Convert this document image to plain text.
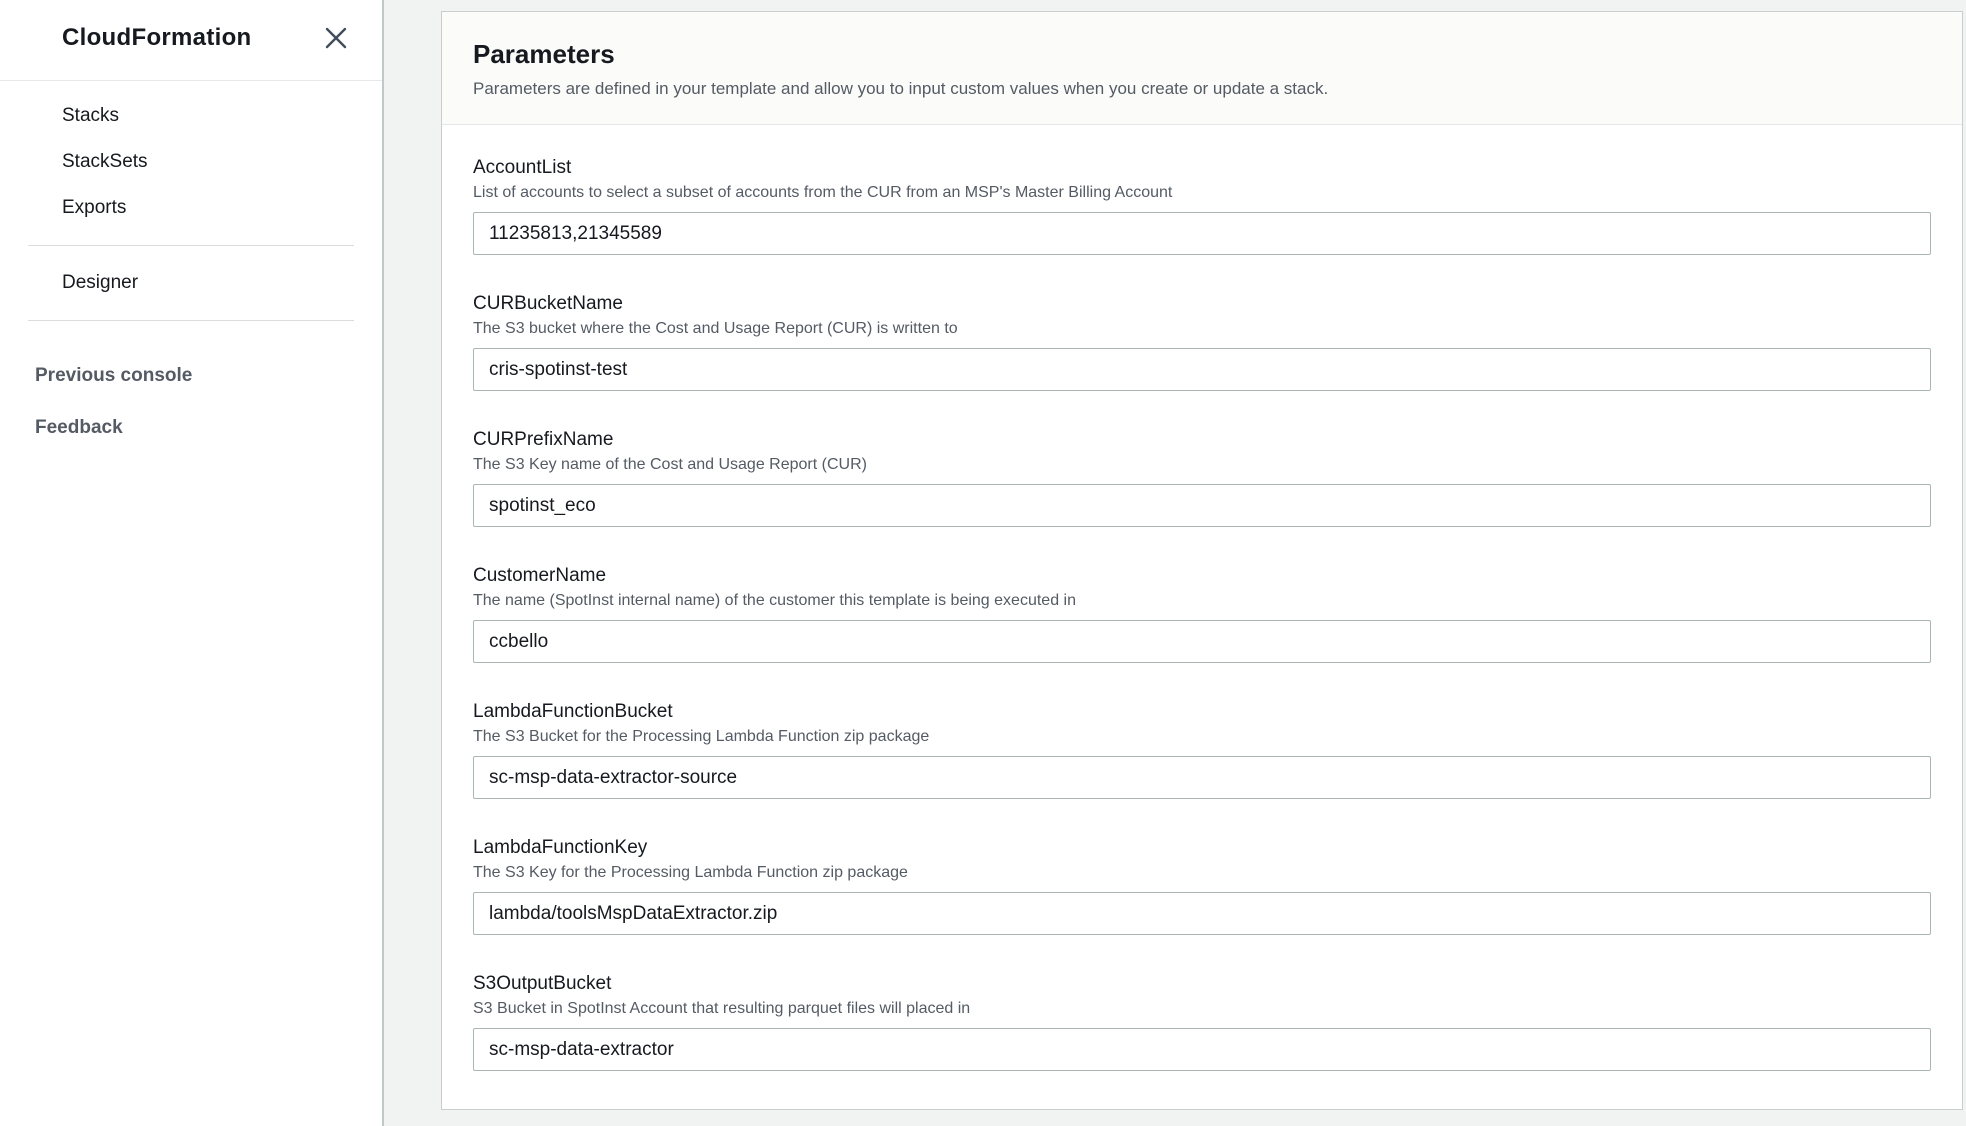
CloudFormation
Stacks
StackSets
Exports
Designer
Previous console
Feedback
Parameters
Parameters are defined in your template and allow you to input custom values when you create or update a stack.
AccountList
List of accounts to select a subset of accounts from the CUR from an MSP's Master Billing Account
11235813,21345589
CURBucketName
The S3 bucket where the Cost and Usage Report (CUR) is written to
cris-spotinst-test
CURPrefixName
The S3 Key name of the Cost and Usage Report (CUR)
spotinst_eco
CustomerName
The name (SpotInst internal name) of the customer this template is being executed in
ccbello
LambdaFunctionBucket
The S3 Bucket for the Processing Lambda Function zip package
sc-msp-data-extractor-source
LambdaFunctionKey
The S3 Key for the Processing Lambda Function zip package
lambda/toolsMspDataExtractor.zip
S3OutputBucket
S3 Bucket in SpotInst Account that resulting parquet files will placed in
sc-msp-data-extractor
